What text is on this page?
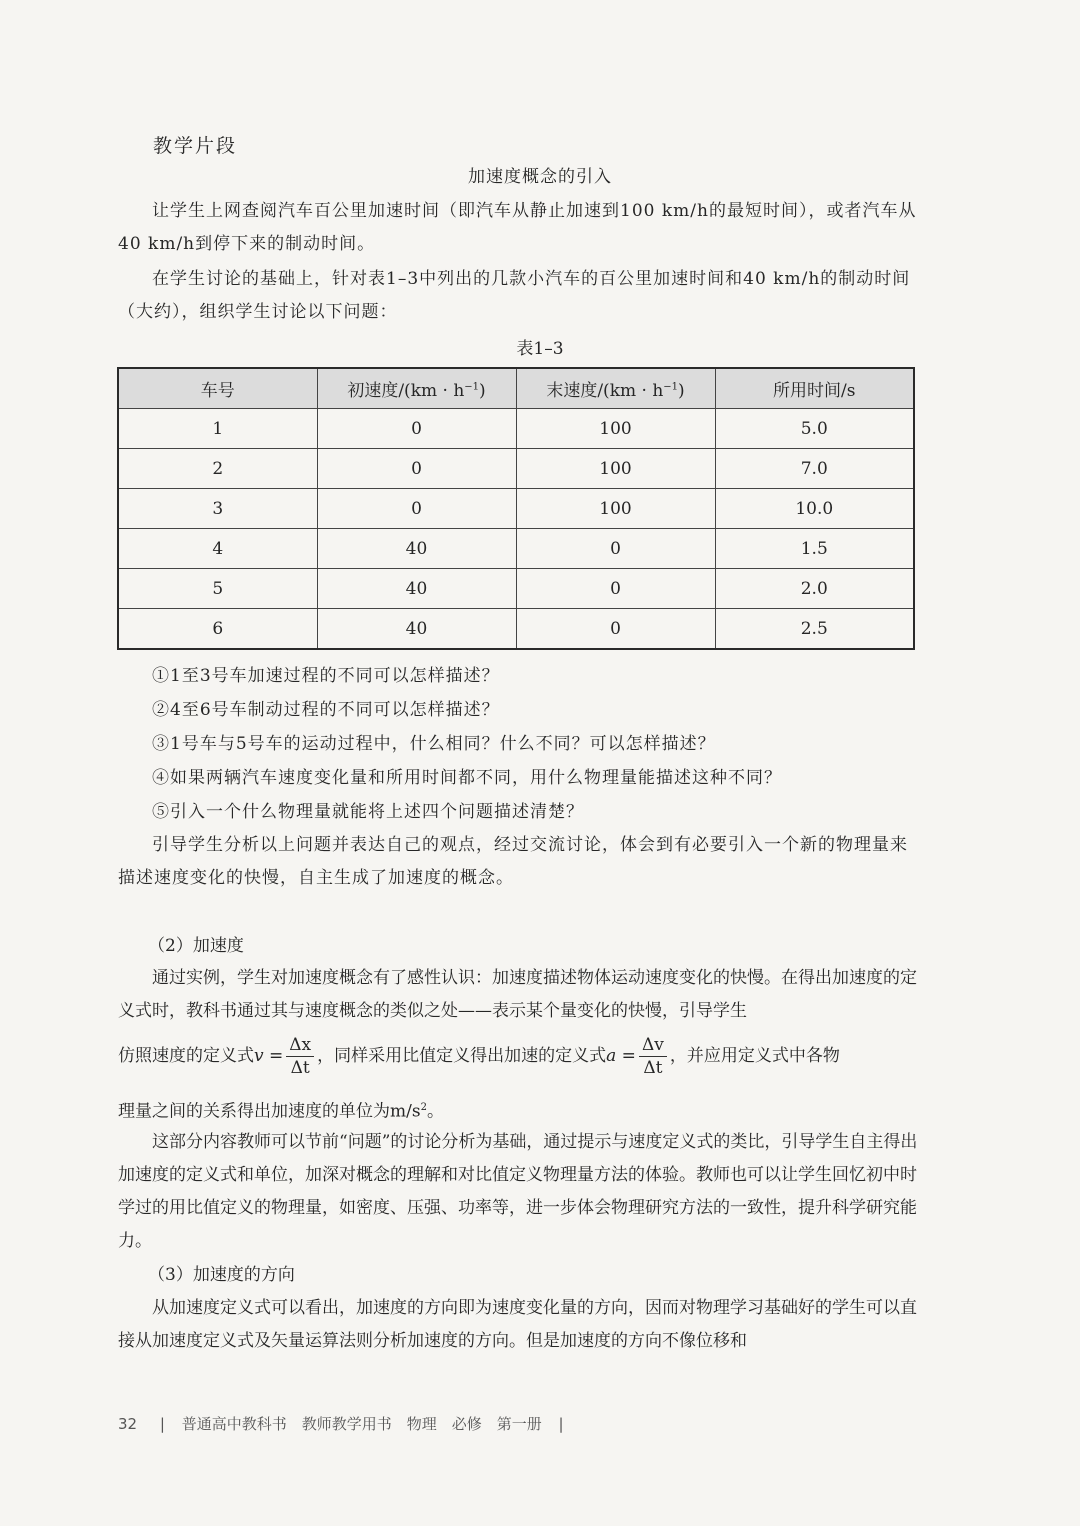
教学片段

加速度概念的引入

让学生上网查阅汽车百公里加速时间（即汽车从静止加速到100 km/h的最短时间），或者汽车从40 km/h到停下来的制动时间。

在学生讨论的基础上，针对表1–3中列出的几款小汽车的百公里加速时间和40 km/h的制动时间（大约），组织学生讨论以下问题：

表1–3

车号	初速度$/(km \cdot h^{-1})$	末速度$/(km \cdot h^{-1})$	所用时间/s
1	0	100	5.0
2	0	100	7.0
3	0	100	10.0
4	40	0	1.5
5	40	0	2.0
6	40	0	2.5

①1至3号车加速过程的不同可以怎样描述？

②4至6号车制动过程的不同可以怎样描述？

③1号车与5号车的运动过程中，什么相同？什么不同？可以怎样描述？

④如果两辆汽车速度变化量和所用时间都不同，用什么物理量能描述这种不同？

⑤引入一个什么物理量就能将上述四个问题描述清楚？

引导学生分析以上问题并表达自己的观点，经过交流讨论，体会到有必要引入一个新的物理量来描述速度变化的快慢，自主生成了加速度的概念。

（2）加速度

通过实例，学生对加速度概念有了感性认识：加速度描述物体运动速度变化的快慢。在得出加速度的定义式时，教科书通过其与速度概念的类似之处——表示某个量变化的快慢，引导学生

仿照速度的定义式$v = \frac{\Delta x}{\Delta t}$ ，同样采用比值定义得出加速的定义式$a = \frac{\Delta v}{\Delta t}$ ，并应用定义式中各物

理量之间的关系得出加速度的单位为$m/s^2$。

这部分内容教师可以节前“问题”的讨论分析为基础，通过提示与速度定义式的类比，引导学生自主得出加速度的定义式和单位，加深对概念的理解和对比值定义物理量方法的体验。教师也可以让学生回忆初中时学过的用比值定义的物理量，如密度、压强、功率等，进一步体会物理研究方法的一致性，提升科学研究能力。

（3）加速度的方向

从加速度定义式可以看出，加速度的方向即为速度变化量的方向，因而对物理学习基础好的学生可以直接从加速度定义式及矢量运算法则分析加速度的方向。但是加速度的方向不像位移和

32 | 普通高中教科书　教师教学用书　物理　必修　第一册 |
